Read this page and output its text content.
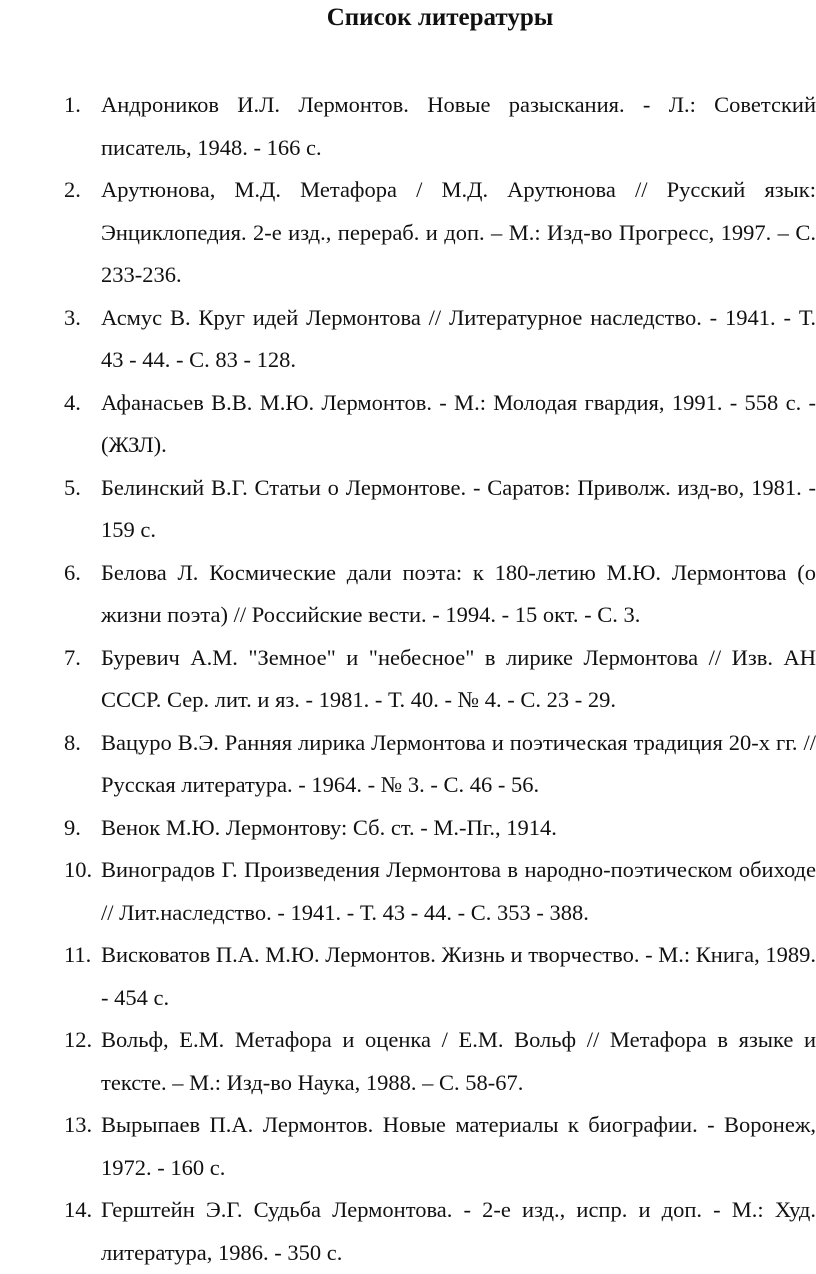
Список литературы
1. Андроников И.Л. Лермонтов. Новые разыскания. - Л.: Советский писатель, 1948. - 166 с.
2. Арутюнова, М.Д. Метафора / М.Д. Арутюнова // Русский язык: Энциклопедия. 2-е изд., перераб. и доп. – М.: Изд-во Прогресс, 1997. – С. 233-236.
3. Асмус В. Круг идей Лермонтова // Литературное наследство. - 1941. - Т. 43 - 44. - С. 83 - 128.
4. Афанасьев В.В. М.Ю. Лермонтов. - М.: Молодая гвардия, 1991. - 558 с. - (ЖЗЛ).
5. Белинский В.Г. Статьи о Лермонтове. - Саратов: Приволж. изд-во, 1981. - 159 с.
6. Белова Л. Космические дали поэта: к 180-летию М.Ю. Лермонтова (о жизни поэта) // Российские вести. - 1994. - 15 окт. - С. 3.
7. Буревич А.М. "Земное" и "небесное" в лирике Лермонтова // Изв. АН СССР. Сер. лит. и яз. - 1981. - Т. 40. - № 4. - С. 23 - 29.
8. Вацуро В.Э. Ранняя лирика Лермонтова и поэтическая традиция 20-х гг. // Русская литература. - 1964. - № 3. - С. 46 - 56.
9. Венок М.Ю. Лермонтову: Сб. ст. - М.-Пг., 1914.
10. Виноградов Г. Произведения Лермонтова в народно-поэтическом обиходе // Лит.наследство. - 1941. - Т. 43 - 44. - С. 353 - 388.
11. Висковатов П.А. М.Ю. Лермонтов. Жизнь и творчество. - М.: Книга, 1989. - 454 с.
12. Вольф, Е.М. Метафора и оценка / Е.М. Вольф // Метафора в языке и тексте. – М.: Изд-во Наука, 1988. – С. 58-67.
13. Вырыпаев П.А. Лермонтов. Новые материалы к биографии. - Воронеж, 1972. - 160 с.
14. Герштейн Э.Г. Судьба Лермонтова. - 2-е изд., испр. и доп. - М.: Худ. литература, 1986. - 350 с.
